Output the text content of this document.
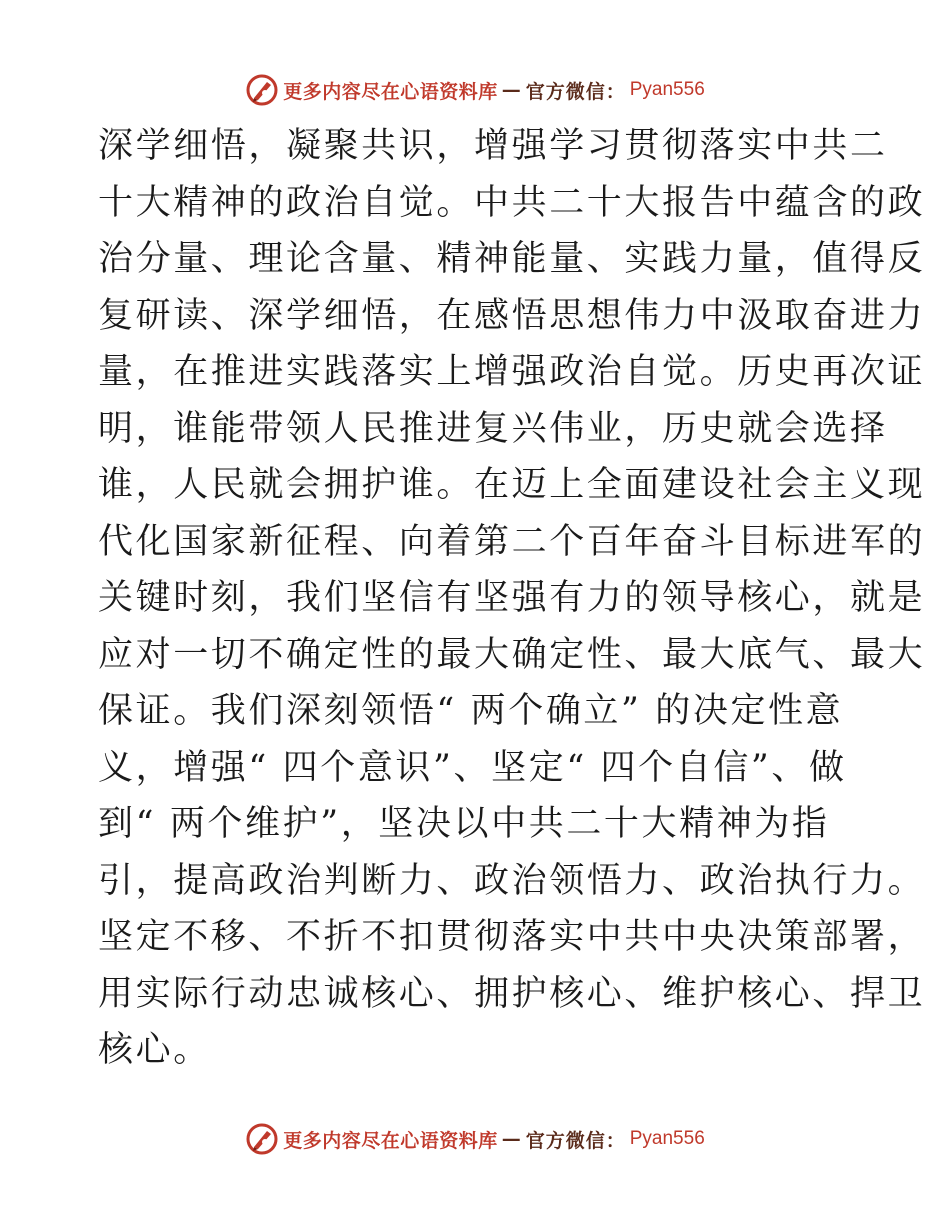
更多内容尽在心语资料库 — 官方微信： Pyan556
深学细悟，凝聚共识，增强学习贯彻落实中共二
十大精神的政治自觉。中共二十大报告中蕴含的政
治分量、理论含量、精神能量、实践力量，值得反
复研读、深学细悟，在感悟思想伟力中汲取奋进力
量，在推进实践落实上增强政治自觉。历史再次证
明，谁能带领人民推进复兴伟业，历史就会选择
谁，人民就会拥护谁。在迈上全面建设社会主义现
代化国家新征程、向着第二个百年奋斗目标进军的
关键时刻，我们坚信有坚强有力的领导核心，就是
应对一切不确定性的最大确定性、最大底气、最大
保证。我们深刻领悟“ 两个确立” 的决定性意
义，增强“ 四个意识”、坚定“ 四个自信”、做
到“ 两个维护”，坚决以中共二十大精神为指
引，提高政治判断力、政治领悟力、政治执行力。
坚定不移、不折不扣贯彻落实中共中央决策部署，
用实际行动忠诚核心、拥护核心、维护核心、捍卫
核心。
更多内容尽在心语资料库 — 官方微信： Pyan556
